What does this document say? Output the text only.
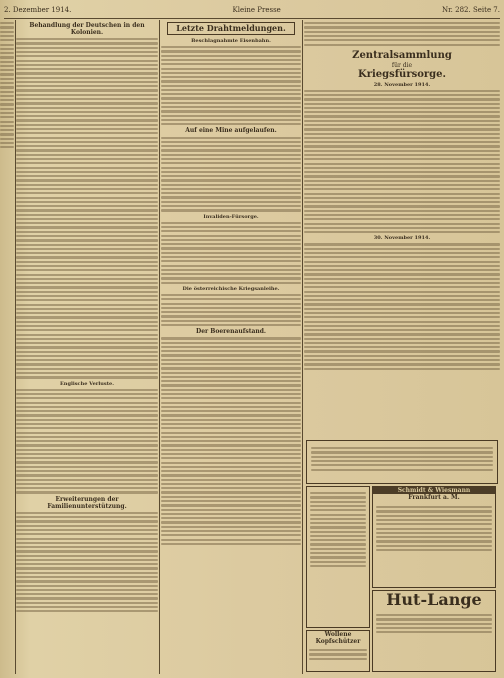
2. Dezember 1914.	Kleine Presse	Nr. 282. Seite 7.
Behandlung der Deutschen in den Kolonien.
Englische Verluste.
Erweiterungen der Familienunterstützung.
Letzte Drahtmeldungen.
Beschlagnahmte Eisenbahn.
Auf eine Mine aufgelaufen.
Invaliden-Fürsorge.
Die österreichische Kriegsanleihe.
Der Boerenaufstand.
Zentralsammlung
für die
Kriegsfürsorge.
28. November 1914.
30. November 1914.
Schmidt & Wiesmann
Frankfurt a. M.
Hut-Lange
Wollene Kopfschützer
